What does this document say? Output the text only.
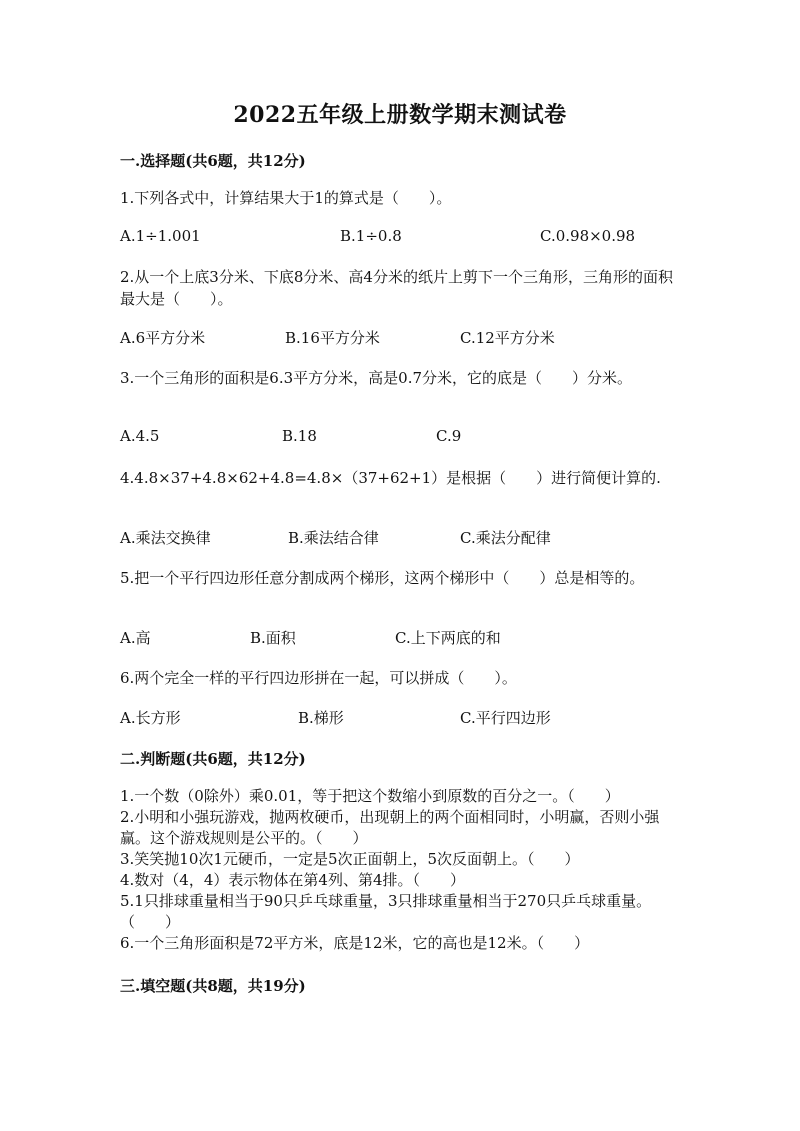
2022五年级上册数学期末测试卷
一.选择题(共6题，共12分)
1.下列各式中，计算结果大于1的算式是（　　）。
A.1÷1.001	B.1÷0.8	C.0.98×0.98
2.从一个上底3分米、下底8分米、高4分米的纸片上剪下一个三角形，三角形的面积最大是（　　）。
A.6平方分米	B.16平方分米	C.12平方分米
3.一个三角形的面积是6.3平方分米，高是0.7分米，它的底是（　　）分米。
A.4.5	B.18	C.9
4.4.8×37+4.8×62+4.8=4.8×（37+62+1）是根据（　　）进行简便计算的.
A.乘法交换律	B.乘法结合律	C.乘法分配律
5.把一个平行四边形任意分割成两个梯形，这两个梯形中（　　）总是相等的。
A.高	B.面积	C.上下两底的和
6.两个完全一样的平行四边形拼在一起，可以拼成（　　）。
A.长方形	B.梯形	C.平行四边形
二.判断题(共6题，共12分)
1.一个数（0除外）乘0.01，等于把这个数缩小到原数的百分之一。（　　）
2.小明和小强玩游戏，抛两枚硬币，出现朝上的两个面相同时，小明赢，否则小强赢。这个游戏规则是公平的。（　　）
3.笑笑抛10次1元硬币，一定是5次正面朝上，5次反面朝上。（　　）
4.数对（4，4）表示物体在第4列、第4排。（　　）
5.1只排球重量相当于90只乒乓球重量，3只排球重量相当于270只乒乓球重量。（　　）
6.一个三角形面积是72平方米，底是12米，它的高也是12米。（　　）
三.填空题(共8题，共19分)
